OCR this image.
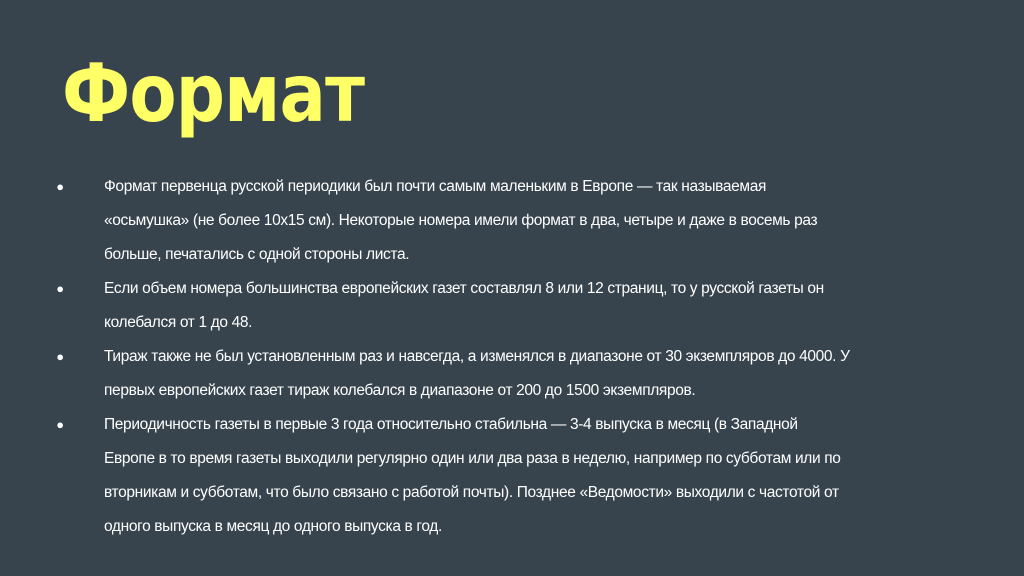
Формат
●	Формат первенца русской периодики был почти самым маленьким в Европе — так называемая «осьмушка» (не более 10х15 см). Некоторые номера имели формат в два, четыре и даже в восемь раз больше, печатались с одной стороны листа.
●	Если объем номера большинства европейских газет составлял 8 или 12 страниц, то у русской газеты он колебался от 1 до 48.
●	Тираж также не был установленным раз и навсегда, а изменялся в диапазоне от 30 экземпляров до 4000. У первых европейских газет тираж колебался в диапазоне от 200 до 1500 экземпляров.
●	Периодичность газеты в первые 3 года относительно стабильна — 3-4 выпуска в месяц (в Западной Европе в то время газеты выходили регулярно один или два раза в неделю, например по субботам или по вторникам и субботам, что было связано с работой почты). Позднее «Ведомости» выходили с частотой от одного выпуска в месяц до одного выпуска в год.
